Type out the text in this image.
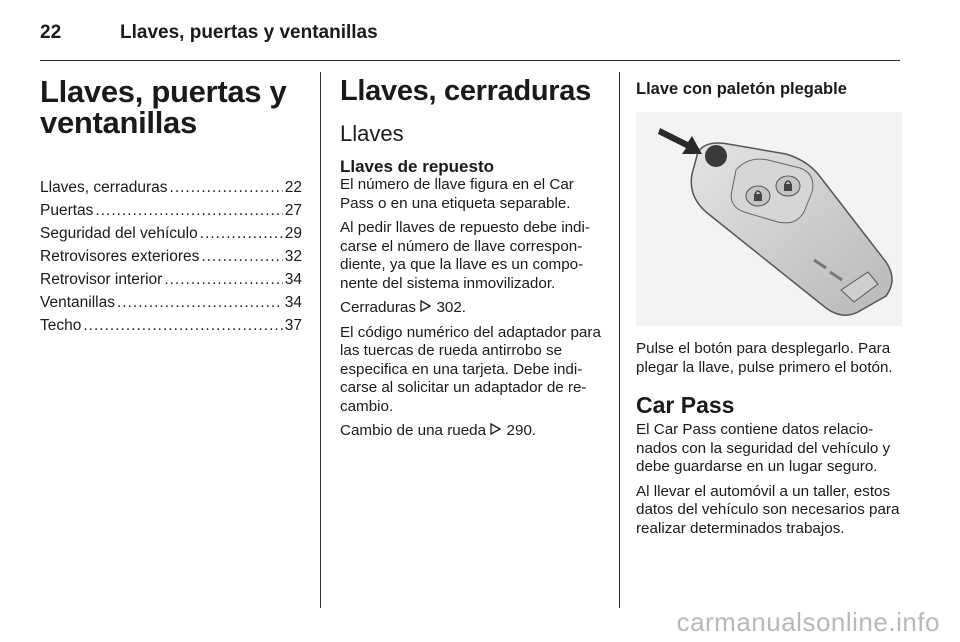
22	Llaves, puertas y ventanillas
Llaves, puertas y ventanillas
Llaves, cerraduras .....	22
Puertas .....	27
Seguridad del vehículo .....	29
Retrovisores exteriores .....	32
Retrovisor interior .....	34
Ventanillas .....	34
Techo .....	37
Llaves, cerraduras
Llaves
Llaves de repuesto

El número de llave figura en el Car Pass o en una etiqueta separable.

Al pedir llaves de repuesto debe indi-carse el número de llave correspon-diente, ya que la llave es un compo-nente del sistema inmovilizador.

Cerraduras 302.

El código numérico del adaptador para las tuercas de rueda antirrobo se especifica en una tarjeta. Debe indi-carse al solicitar un adaptador de re-cambio.

Cambio de una rueda 290.

Llave con paletón plegable

Pulse el botón para desplegarlo. Para plegar la llave, pulse primero el botón.

Car Pass

El Car Pass contiene datos relacio-nados con la seguridad del vehículo y debe guardarse en un lugar seguro.

Al llevar el automóvil a un taller, estos datos del vehículo son necesarios para realizar determinados trabajos.

carmanualsonline.info
